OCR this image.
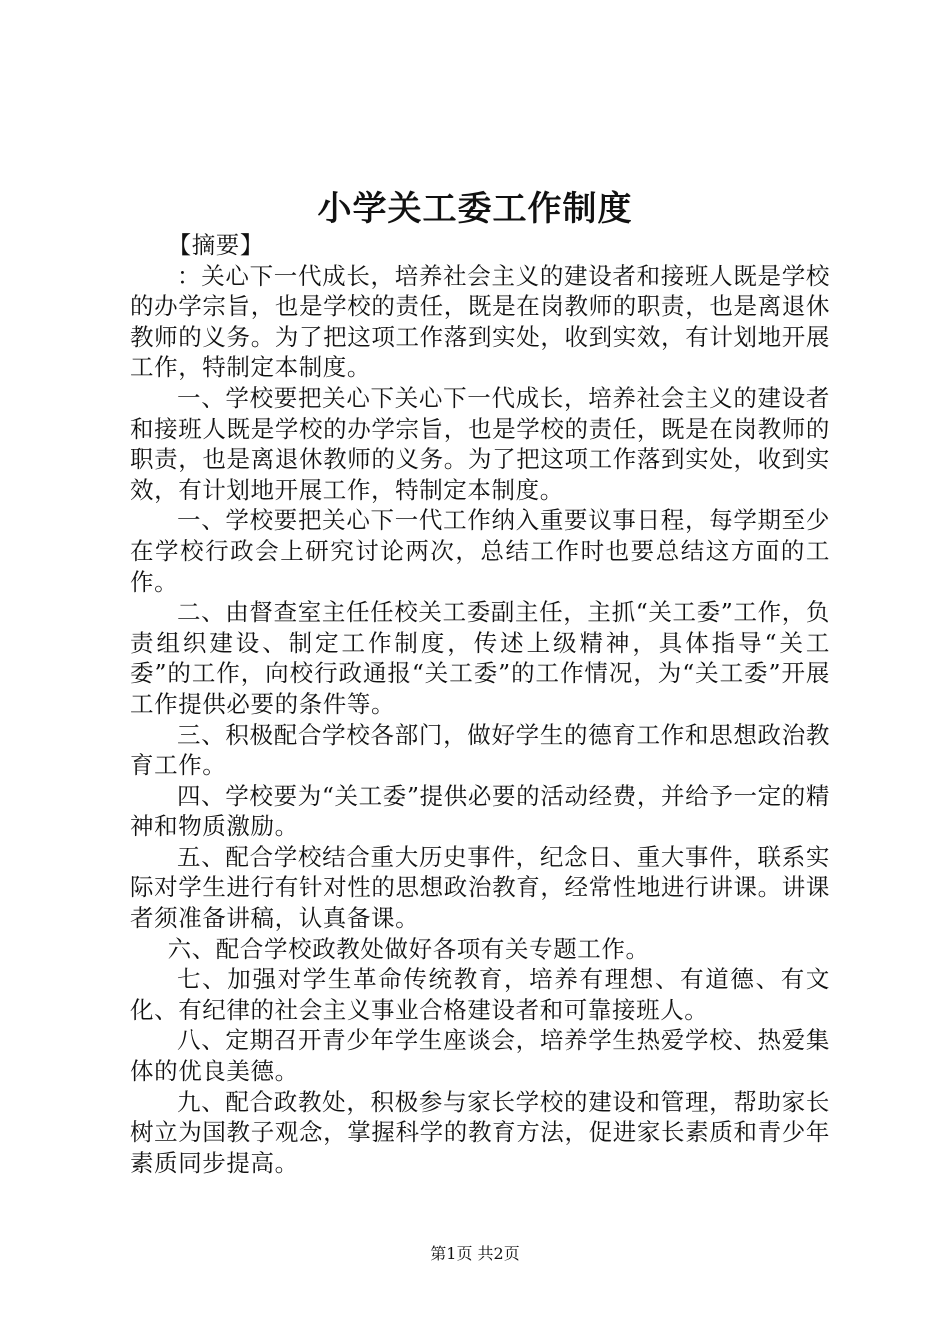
小学关工委工作制度

【摘要】

：关心下一代成长，培养社会主义的建设者和接班人既是学校的办学宗旨，也是学校的责任，既是在岗教师的职责，也是离退休教师的义务。为了把这项工作落到实处，收到实效，有计划地开展工作，特制定本制度。

一、学校要把关心下关心下一代成长，培养社会主义的建设者和接班人既是学校的办学宗旨，也是学校的责任，既是在岗教师的职责，也是离退休教师的义务。为了把这项工作落到实处，收到实效，有计划地开展工作，特制定本制度。

一、学校要把关心下一代工作纳入重要议事日程，每学期至少在学校行政会上研究讨论两次，总结工作时也要总结这方面的工作。

二、由督查室主任任校关工委副主任，主抓“关工委”工作，负责组织建设、制定工作制度，传述上级精神，具体指导“关工委”的工作，向校行政通报“关工委”的工作情况，为“关工委”开展工作提供必要的条件等。

三、积极配合学校各部门，做好学生的德育工作和思想政治教育工作。

四、学校要为“关工委”提供必要的活动经费，并给予一定的精神和物质激励。

五、配合学校结合重大历史事件，纪念日、重大事件，联系实际对学生进行有针对性的思想政治教育，经常性地进行讲课。讲课者须准备讲稿，认真备课。

六、配合学校政教处做好各项有关专题工作。

七、加强对学生革命传统教育，培养有理想、有道德、有文化、有纪律的社会主义事业合格建设者和可靠接班人。

八、定期召开青少年学生座谈会，培养学生热爱学校、热爱集体的优良美德。

九、配合政教处，积极参与家长学校的建设和管理，帮助家长树立为国教子观念，掌握科学的教育方法，促进家长素质和青少年素质同步提高。

第1页 共2页
